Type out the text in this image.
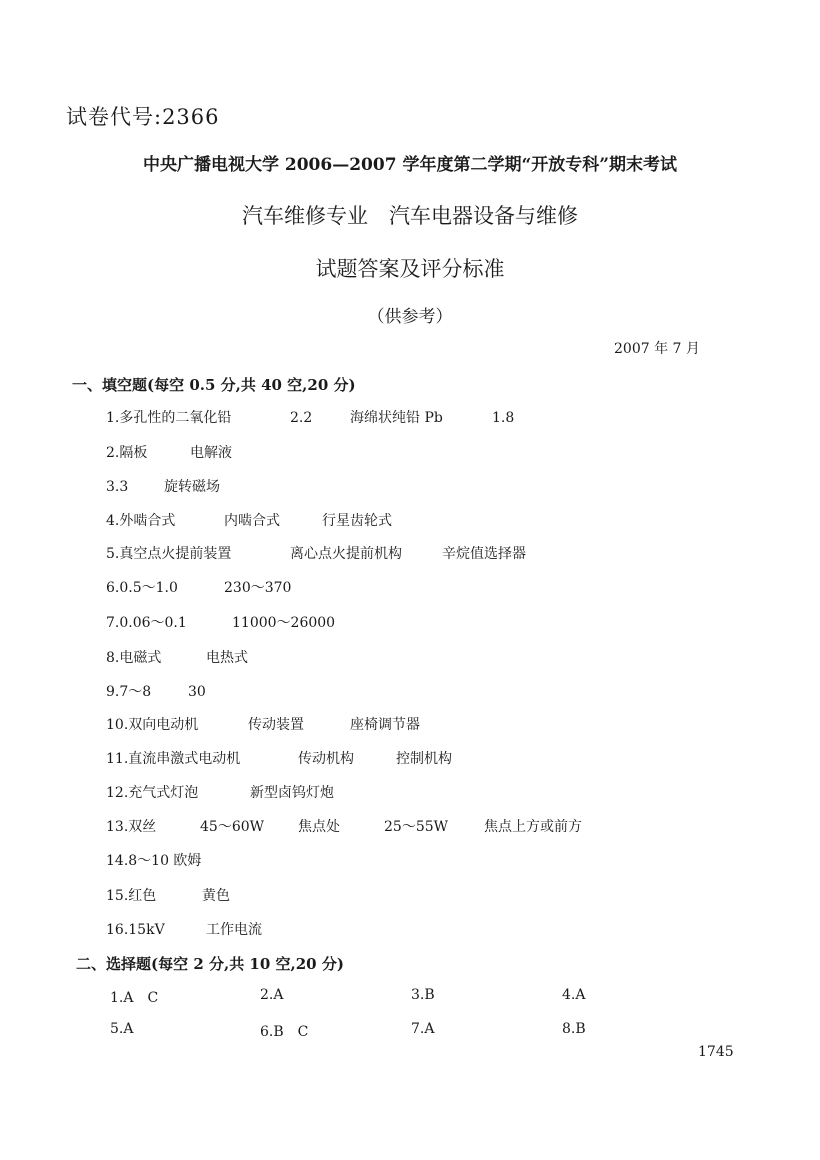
试卷代号:2366
中央广播电视大学 2006—2007 学年度第二学期“开放专科”期末考试
汽车维修专业　汽车电器设备与维修
试题答案及评分标准
（供参考）
2007 年 7 月
一、填空题(每空 0.5 分,共 40 空,20 分)
1.多孔性的二氧化铅	2.2	海绵状纯铅 Pb	1.8
2.隔板	电解液
3.3	旋转磁场
4.外啮合式	内啮合式	行星齿轮式
5.真空点火提前装置	离心点火提前机构	辛烷值选择器
6.0.5～1.0	230～370
7.0.06～0.1	11000～26000
8.电磁式	电热式
9.7～8	30
10.双向电动机	传动装置	座椅调节器
11.直流串激式电动机	传动机构	控制机构
12.充气式灯泡	新型卤钨灯炮
13.双丝	45～60W 焦点处	25～55W	焦点上方或前方
14.8～10 欧姆
15.红色	黄色
16.15kV	工作电流
二、选择题(每空 2 分,共 10 空,20 分)
1.A　C	2.A	3.B	4.A
5.A	6.B　C	7.A	8.B
1745
